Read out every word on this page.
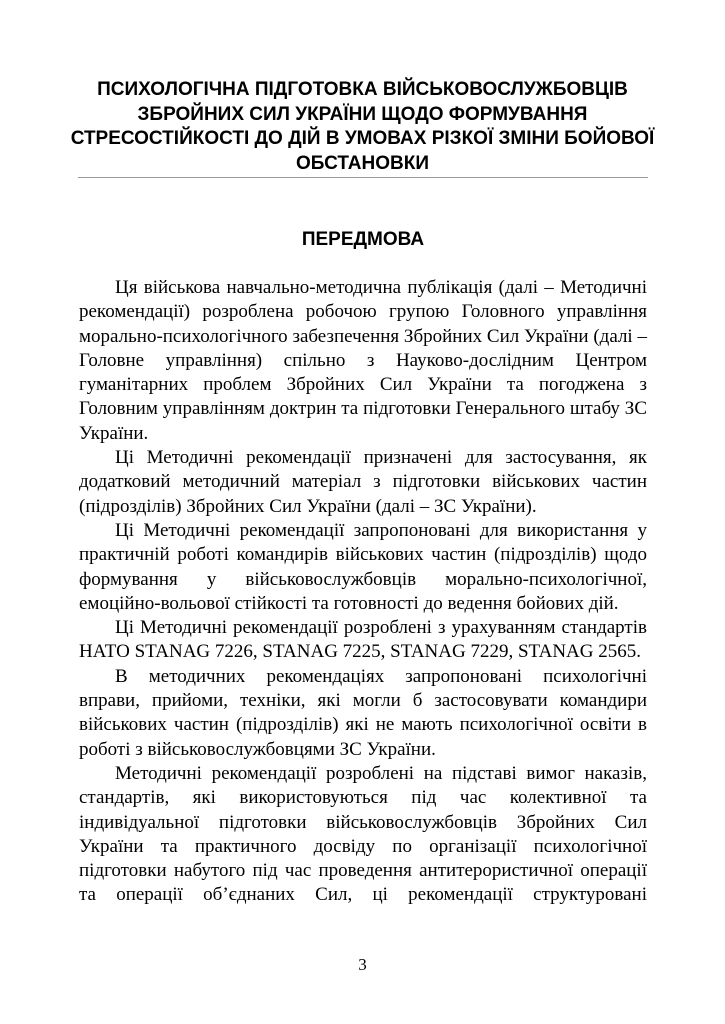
ПСИХОЛОГІЧНА ПІДГОТОВКА ВІЙСЬКОВОСЛУЖБОВЦІВ ЗБРОЙНИХ СИЛ УКРАЇНИ ЩОДО ФОРМУВАННЯ СТРЕСОСТІЙКОСТІ ДО ДІЙ В УМОВАХ РІЗКОЇ ЗМІНИ БОЙОВОЇ ОБСТАНОВКИ
ПЕРЕДМОВА

Ця військова навчально-методична публікація (далі – Методичні рекомендації) розроблена робочою групою Головного управління морально-психологічного забезпечення Збройних Сил України (далі – Головне управління) спільно з Науково-дослідним Центром гуманітарних проблем Збройних Сил України та погоджена з Головним управлінням доктрин та підготовки Генерального штабу ЗС України.

Ці Методичні рекомендації призначені для застосування, як додатковий методичний матеріал з підготовки військових частин (підрозділів) Збройних Сил України (далі – ЗС України).

Ці Методичні рекомендації запропоновані для використання у практичній роботі командирів військових частин (підрозділів) щодо формування у військовослужбовців морально-психологічної, емоційно-вольової стійкості та готовності до ведення бойових дій.

Ці Методичні рекомендації розроблені з урахуванням стандартів НАТО STANAG 7226, STANAG 7225, STANAG 7229, STANAG 2565.

В методичних рекомендаціях запропоновані психологічні вправи, прийоми, техніки, які могли б застосовувати командири військових частин (підрозділів) які не мають психологічної освіти в роботі з військовослужбовцями ЗС України.

Методичні рекомендації розроблені на підставі вимог наказів, стандартів, які використовуються під час колективної та індивідуальної підготовки військовослужбовців Збройних Сил України та практичного досвіду по організації психологічної підготовки набутого під час проведення антитерористичної операції та операції об’єднаних Сил, ці рекомендації структуровані

3
